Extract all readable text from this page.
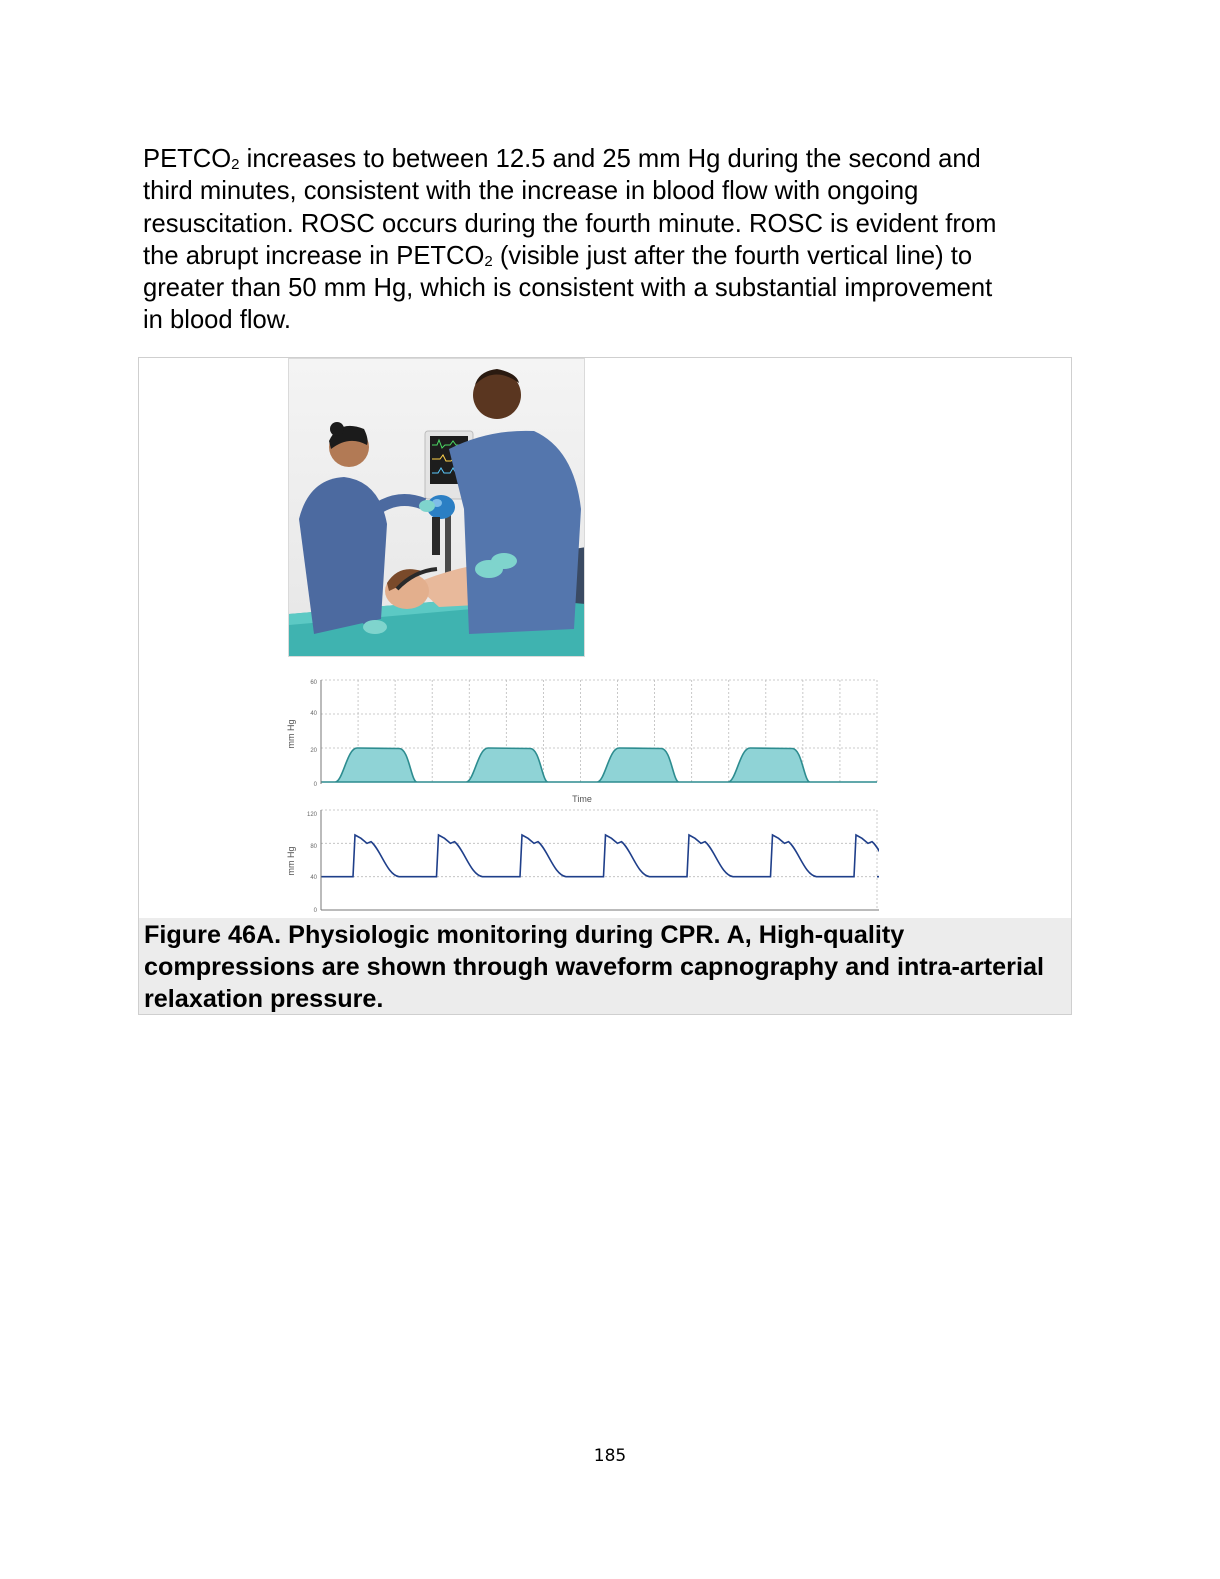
$PETCO_2$ increases to between 12.5 and 25 mm Hg during the second and
third minutes, consistent with the increase in blood flow with ongoing
resuscitation. ROSC occurs during the fourth minute. ROSC is evident from
the abrupt increase in $PETCO_2$ (visible just after the fourth vertical line) to
greater than 50 mm Hg, which is consistent with a substantial improvement
in blood flow.

60
40
20
0
mm Hg
Time
120
80
40
0
mm Hg

Figure 46A. Physiologic monitoring during CPR. A, High-quality compressions are shown through waveform capnography and intra-arterial relaxation pressure.

185
